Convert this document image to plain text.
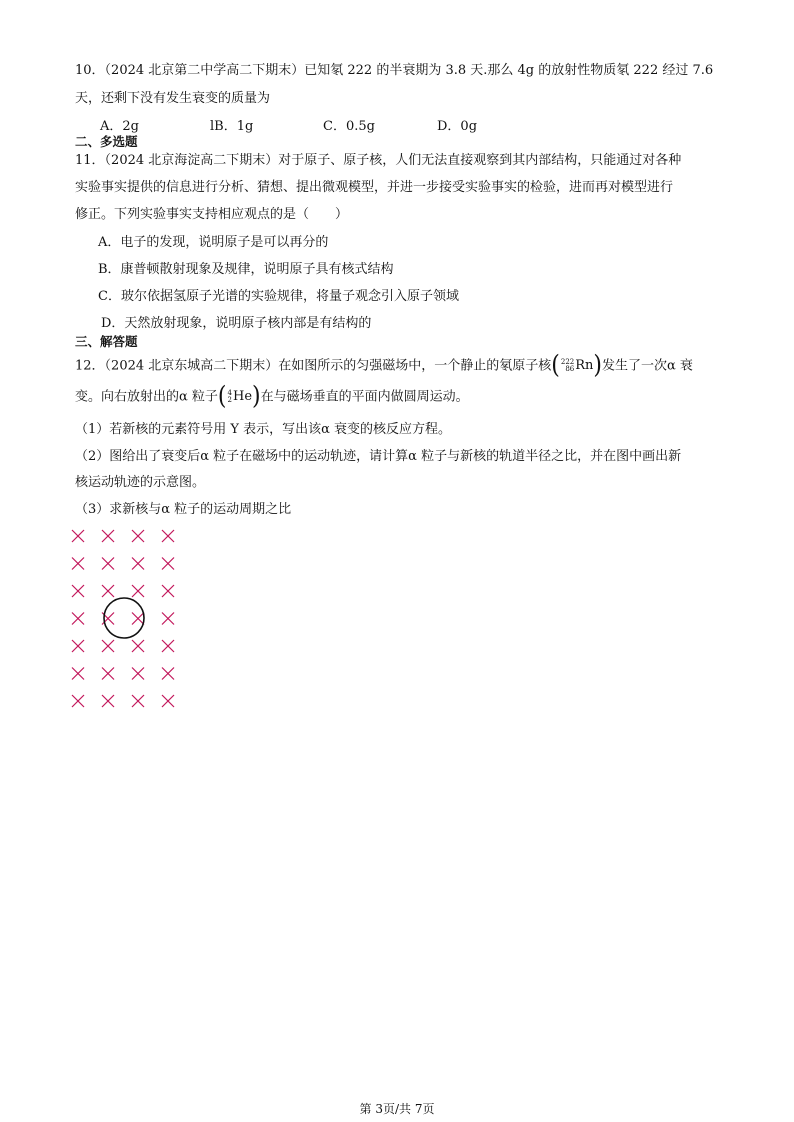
10．（2024 北京第二中学高二下期末）已知氡 222 的半衰期为 3.8 天.那么 4g 的放射性物质氡 222 经过 7.6
天，还剩下没有发生衰变的质量为
A．2g	lB．1g	C．0.5g	D．0g
二、多选题
11．（2024 北京海淀高二下期末）对于原子、原子核，人们无法直接观察到其内部结构，只能通过对各种
实验事实提供的信息进行分析、猜想、提出微观模型，并进一步接受实验事实的检验，进而再对模型进行
修正。下列实验事实支持相应观点的是（　　）
A．电子的发现，说明原子是可以再分的
B．康普顿散射现象及规律，说明原子具有核式结构
C．玻尔依据氢原子光谱的实验规律，将量子观念引入原子领域
D．天然放射现象，说明原子核内部是有结构的
三、解答题
12．（2024 北京东城高二下期末）在如图所示的匀强磁场中，一个静止的氡原子核 ( 222
86 Rn ) 发生了一次α 衰
变。向右放射出的α 粒子 ( 4
2 He ) 在与磁场垂直的平面内做圆周运动。
（1）若新核的元素符号用 Y 表示，写出该α 衰变的核反应方程。
（2）图给出了衰变后α 粒子在磁场中的运动轨迹，请计算α 粒子与新核的轨道半径之比，并在图中画出新
核运动轨迹的示意图。
（3）求新核与α 粒子的运动周期之比
第 3页/共 7页
